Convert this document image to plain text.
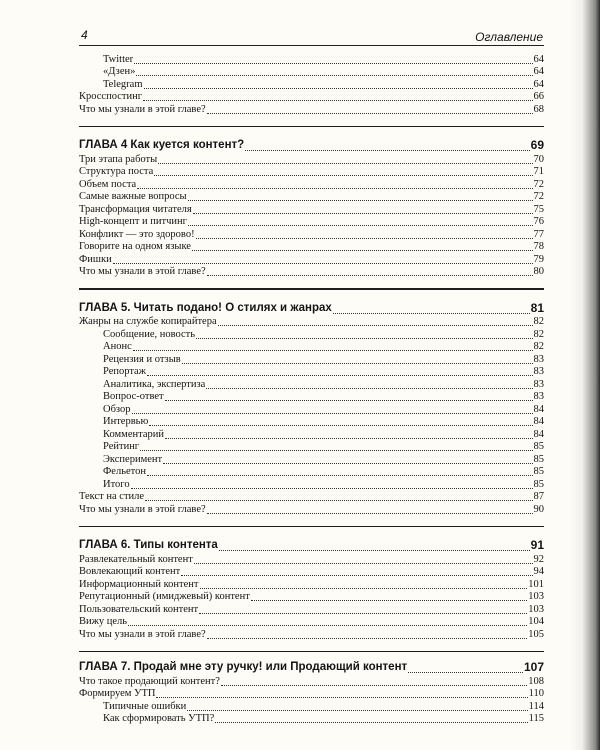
4	Оглавление
Twitter	64
«Дзен»	64
Telegram	64
Кросспостинг	66
Что мы узнали в этой главе?	68
ГЛАВА 4 Как куется контент?	69
Три этапа работы	70
Структура поста	71
Объем поста	72
Самые важные вопросы	72
Трансформация читателя	75
High-концепт и питчинг	76
Конфликт — это здорово!	77
Говорите на одном языке	78
Фишки	79
Что мы узнали в этой главе?	80
ГЛАВА 5. Читать подано! О стилях и жанрах	81
Жанры на службе копирайтера	82
Сообщение, новость	82
Анонс	82
Рецензия и отзыв	83
Репортаж	83
Аналитика, экспертиза	83
Вопрос-ответ	83
Обзор	84
Интервью	84
Комментарий	84
Рейтинг	85
Эксперимент	85
Фельетон	85
Итого	85
Текст на стиле	87
Что мы узнали в этой главе?	90
ГЛАВА 6. Типы контента	91
Развлекательный контент	92
Вовлекающий контент	94
Информационный контент	101
Репутационный (имиджевый) контент	103
Пользовательский контент	103
Вижу цель	104
Что мы узнали в этой главе?	105
ГЛАВА 7. Продай мне эту ручку! или Продающий контент	107
Что такое продающий контент?	108
Формируем УТП	110
Типичные ошибки	114
Как сформировать УТП?	115
